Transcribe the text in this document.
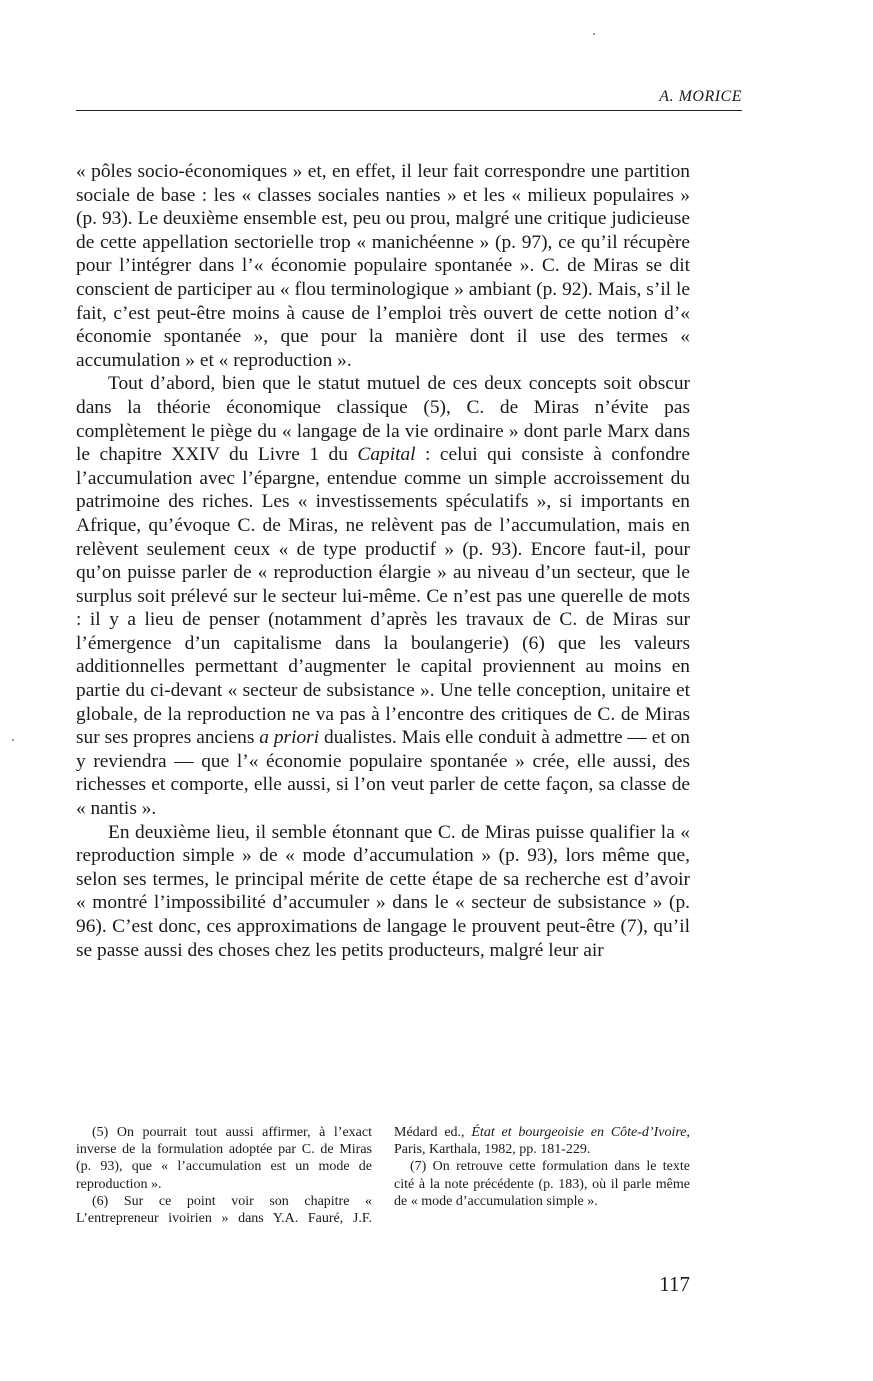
A. MORICE

« pôles socio-économiques » et, en effet, il leur fait correspondre une partition sociale de base : les « classes sociales nanties » et les « milieux populaires » (p. 93). Le deuxième ensemble est, peu ou prou, malgré une critique judicieuse de cette appellation sectorielle trop « manichéenne » (p. 97), ce qu’il récupère pour l’intégrer dans l’« économie populaire spontanée ». C. de Miras se dit conscient de participer au « flou terminologique » ambiant (p. 92). Mais, s’il le fait, c’est peut-être moins à cause de l’emploi très ouvert de cette notion d’« économie spontanée », que pour la manière dont il use des termes « accumulation » et « reproduction ».

Tout d’abord, bien que le statut mutuel de ces deux concepts soit obscur dans la théorie économique classique (5), C. de Miras n’évite pas complètement le piège du « langage de la vie ordinaire » dont parle Marx dans le chapitre XXIV du Livre 1 du Capital : celui qui consiste à confondre l’accumulation avec l’épargne, entendue comme un simple accroissement du patrimoine des riches. Les « investissements spéculatifs », si importants en Afrique, qu’évoque C. de Miras, ne relèvent pas de l’accumulation, mais en relèvent seulement ceux « de type productif » (p. 93). Encore faut-il, pour qu’on puisse parler de « reproduction élargie » au niveau d’un secteur, que le surplus soit prélevé sur le secteur lui-même. Ce n’est pas une querelle de mots : il y a lieu de penser (notamment d’après les travaux de C. de Miras sur l’émergence d’un capitalisme dans la boulangerie) (6) que les valeurs additionnelles permettant d’augmenter le capital proviennent au moins en partie du ci-devant « secteur de subsistance ». Une telle conception, unitaire et globale, de la reproduction ne va pas à l’encontre des critiques de C. de Miras sur ses propres anciens a priori dualistes. Mais elle conduit à admettre — et on y reviendra — que l’« économie populaire spontanée » crée, elle aussi, des richesses et comporte, elle aussi, si l’on veut parler de cette façon, sa classe de « nantis ».

En deuxième lieu, il semble étonnant que C. de Miras puisse qualifier la « reproduction simple » de « mode d’accumulation » (p. 93), lors même que, selon ses termes, le principal mérite de cette étape de sa recherche est d’avoir « montré l’impossibilité d’accumuler » dans le « secteur de subsistance » (p. 96). C’est donc, ces approximations de langage le prouvent peut-être (7), qu’il se passe aussi des choses chez les petits producteurs, malgré leur air

(5) On pourrait tout aussi affirmer, à l’exact inverse de la formulation adoptée par C. de Miras (p. 93), que « l’accumulation est un mode de reproduction ».

(6) Sur ce point voir son chapitre « L’entrepreneur ivoirien » dans Y.A. Fauré, J.F. Médard ed., État et bourgeoisie en Côte-d’Ivoire, Paris, Karthala, 1982, pp. 181-229.

(7) On retrouve cette formulation dans le texte cité à la note précédente (p. 183), où il parle même de « mode d’accumulation simple ».

117
